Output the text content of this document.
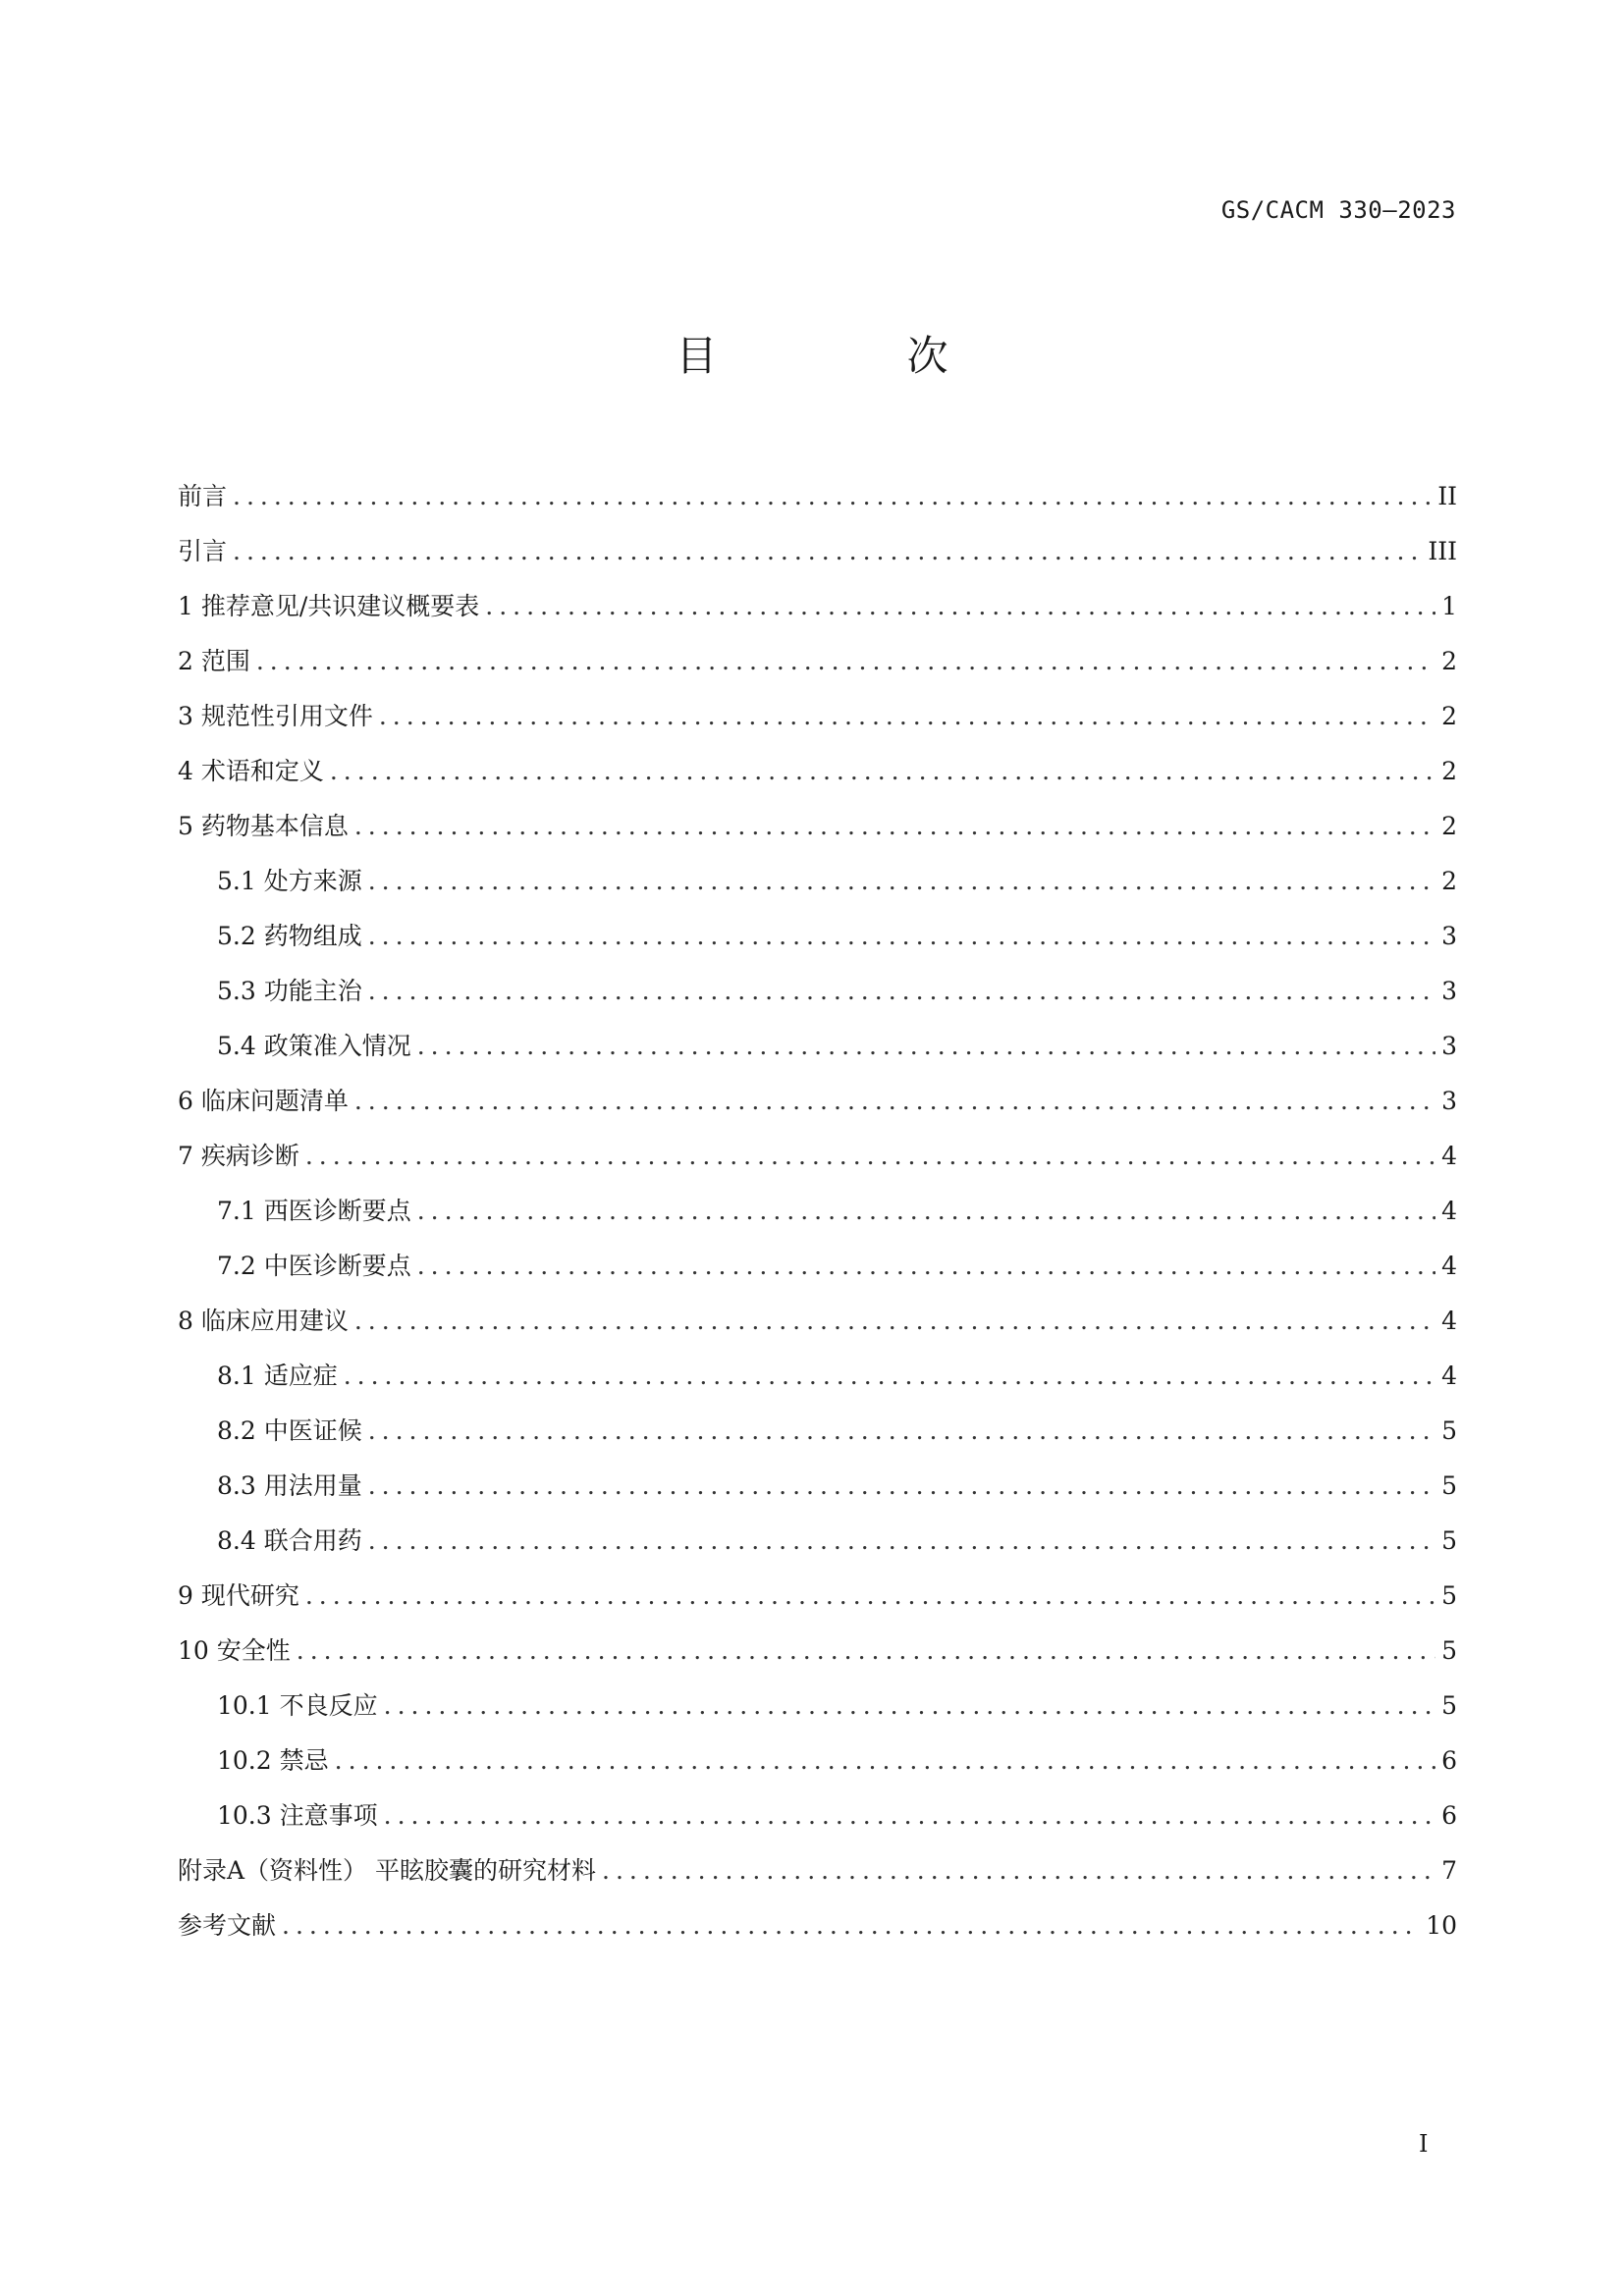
GS/CACM 330—2023
目 次
前言 .....	II
引言 .....	III
1 推荐意见/共识建议概要表 .....	1
2 范围 .....	2
3 规范性引用文件 .....	2
4 术语和定义 .....	2
5 药物基本信息 .....	2
5.1 处方来源 .....	2
5.2 药物组成 .....	3
5.3 功能主治 .....	3
5.4 政策准入情况 .....	3
6 临床问题清单 .....	3
7 疾病诊断 .....	4
7.1 西医诊断要点 .....	4
7.2 中医诊断要点 .....	4
8 临床应用建议 .....	4
8.1 适应症 .....	4
8.2 中医证候 .....	5
8.3 用法用量 .....	5
8.4 联合用药 .....	5
9 现代研究 .....	5
10 安全性 .....	5
10.1 不良反应 .....	5
10.2 禁忌 .....	6
10.3 注意事项 .....	6
附录A（资料性） 平眩胶囊的研究材料 .....	7
参考文献 .....	10
I
